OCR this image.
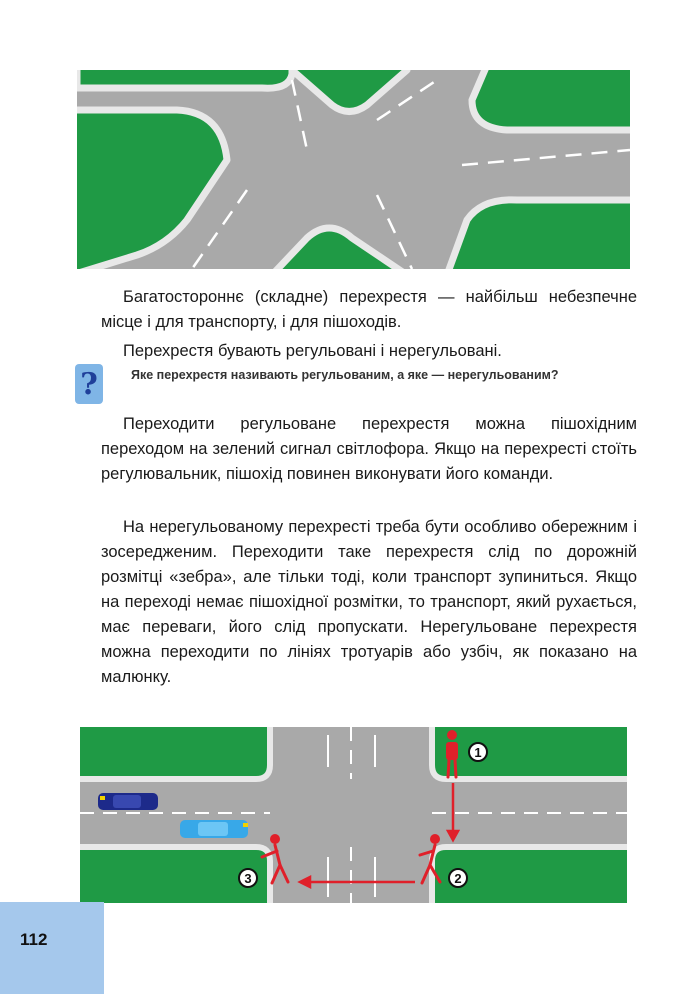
Багатостороннє (складне) перехрестя — найбільш небезпечне місце і для транспорту, і для пішоходів.

Перехрестя бувають регульовані і нерегульовані.

?	Яке перехрестя називають регульованим, а яке — нерегульованим?

Переходити регульоване перехрестя можна пішохідним переходом на зелений сигнал світлофора. Якщо на перехресті стоїть регулювальник, пішохід повинен виконувати його команди.

На нерегульованому перехресті треба бути особливо обережним і зосередженим. Переходити таке перехрестя слід по дорожній розмітці «зебра», але тільки тоді, коли транспорт зупиниться. Якщо на переході немає пішохідної розмітки, то транспорт, який рухається, має переваги, його слід пропускати. Нерегульоване перехрестя можна переходити по лініях тротуарів або узбіч, як показано на малюнку.

1
2
3
112
